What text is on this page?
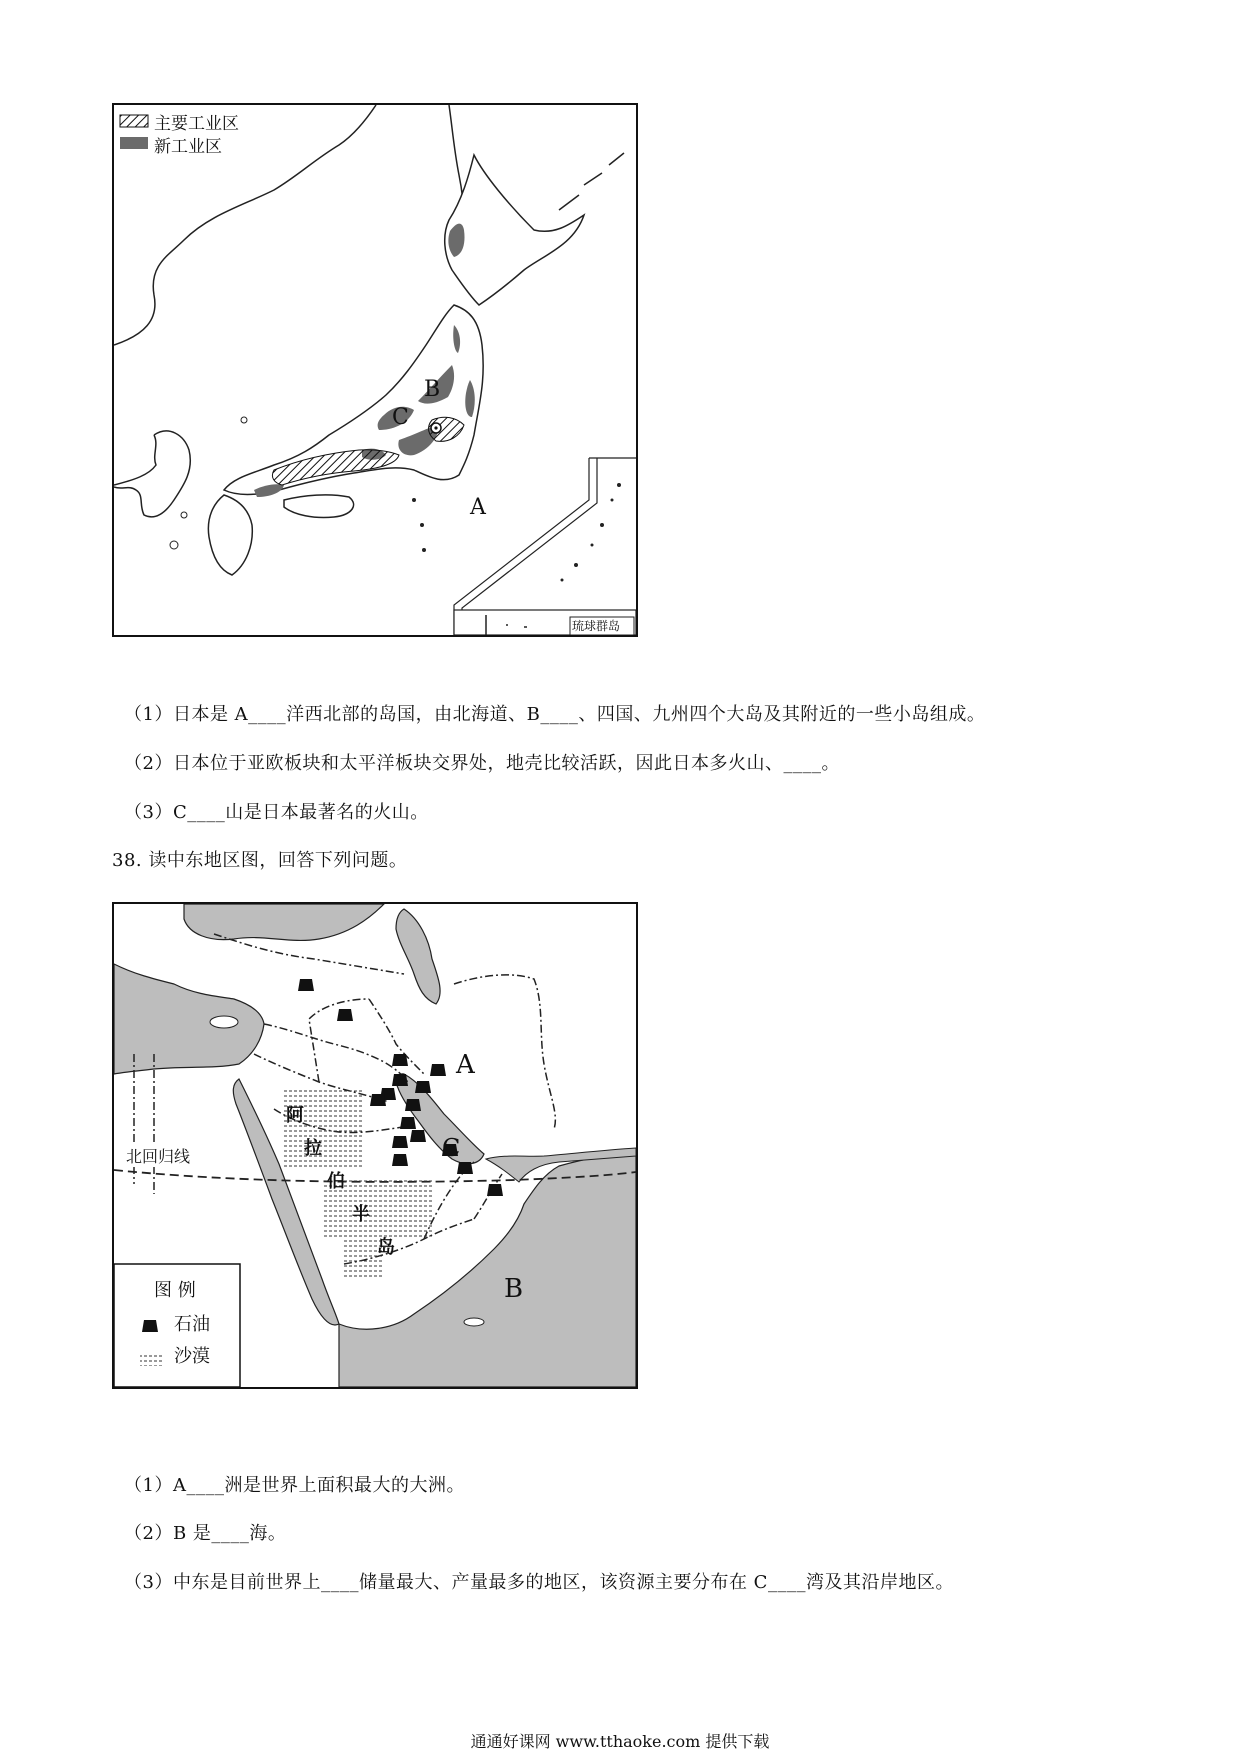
主要工业区
新工业区
B
C
A
琉球群岛
（1）日本是 A____洋西北部的岛国，由北海道、B____、四国、九州四个大岛及其附近的一些小岛组成。
（2）日本位于亚欧板块和太平洋板块交界处，地壳比较活跃，因此日本多火山、____。
（3）C____山是日本最著名的火山。
38. 读中东地区图，回答下列问题。
A
C
B
北回归线
阿
拉
伯
半
岛
图 例
石油
沙漠
（1）A____洲是世界上面积最大的大洲。
（2）B 是____海。
（3）中东是目前世界上____储量最大、产量最多的地区，该资源主要分布在 C____湾及其沿岸地区。
通通好课网 www.tthaoke.com 提供下载
